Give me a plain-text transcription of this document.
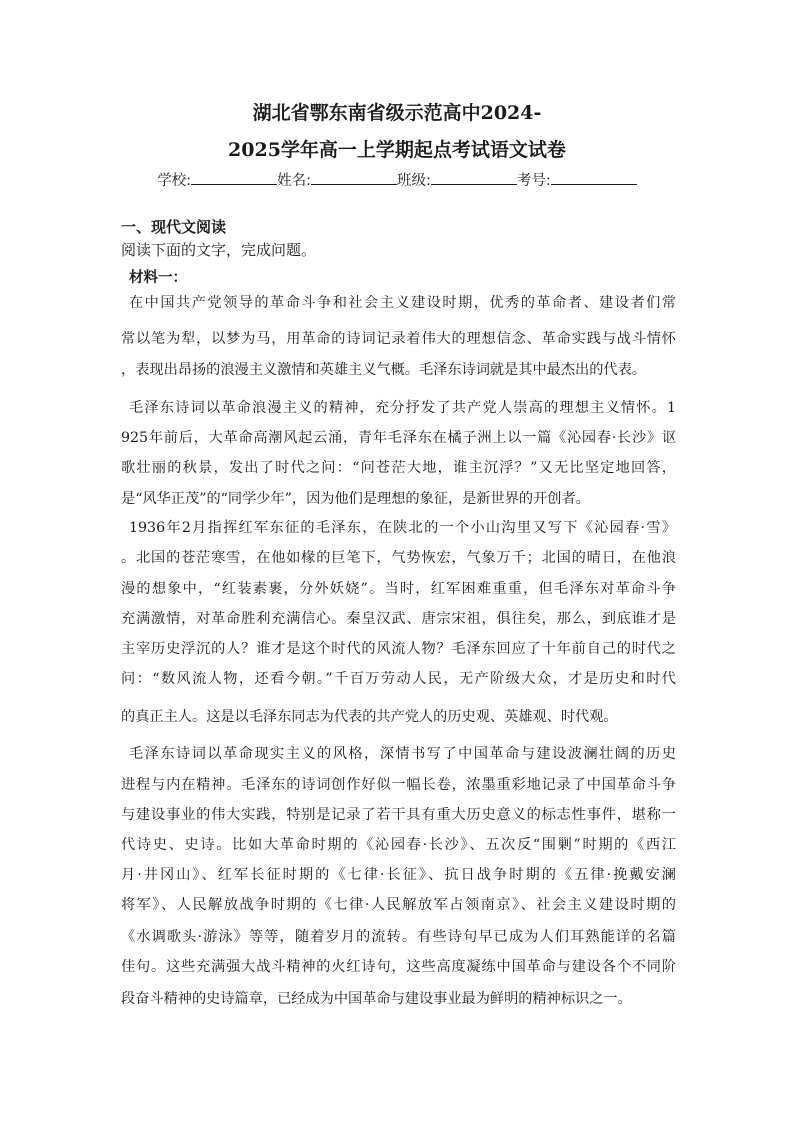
湖北省鄂东南省级示范高中2024-
2025学年高一上学期起点考试语文试卷
学校:	姓名:	班级:	考号:
一、现代文阅读
阅读下面的文字，完成问题。
材料一：
在中国共产党领导的革命斗争和社会主义建设时期，优秀的革命者、建设者们常
常以笔为犁，以梦为马，用革命的诗词记录着伟大的理想信念、革命实践与战斗情怀
，表现出昂扬的浪漫主义激情和英雄主义气概。毛泽东诗词就是其中最杰出的代表。
毛泽东诗词以革命浪漫主义的精神，充分抒发了共产党人崇高的理想主义情怀。1
925年前后，大革命高潮风起云涌，青年毛泽东在橘子洲上以一篇《沁园春·长沙》讴
歌壮丽的秋景，发出了时代之问：“问苍茫大地，谁主沉浮？”又无比坚定地回答，
是“风华正茂”的“同学少年”，因为他们是理想的象征，是新世界的开创者。
1936年2月指挥红军东征的毛泽东，在陕北的一个小山沟里又写下《沁园春·雪》
。北国的苍茫寒雪，在他如椽的巨笔下，气势恢宏，气象万千；北国的晴日，在他浪
漫的想象中，“红装素裹，分外妖娆”。当时，红军困难重重，但毛泽东对革命斗争
充满激情，对革命胜利充满信心。秦皇汉武、唐宗宋祖，俱往矣，那么，到底谁才是
主宰历史浮沉的人？谁才是这个时代的风流人物？毛泽东回应了十年前自己的时代之
问：“数风流人物，还看今朝。”千百万劳动人民，无产阶级大众，才是历史和时代
的真正主人。这是以毛泽东同志为代表的共产党人的历史观、英雄观、时代观。
毛泽东诗词以革命现实主义的风格，深情书写了中国革命与建设波澜壮阔的历史
进程与内在精神。毛泽东的诗词创作好似一幅长卷，浓墨重彩地记录了中国革命斗争
与建设事业的伟大实践，特别是记录了若干具有重大历史意义的标志性事件，堪称一
代诗史、史诗。比如大革命时期的《沁园春·长沙》、五次反“围剿”时期的《西江
月·井冈山》、红军长征时期的《七律·长征》、抗日战争时期的《五律·挽戴安澜
将军》、人民解放战争时期的《七律·人民解放军占领南京》、社会主义建设时期的
《水调歌头·游泳》等等，随着岁月的流转。有些诗句早已成为人们耳熟能详的名篇
佳句。这些充满强大战斗精神的火红诗句，这些高度凝练中国革命与建设各个不同阶
段奋斗精神的史诗篇章，已经成为中国革命与建设事业最为鲜明的精神标识之一。
